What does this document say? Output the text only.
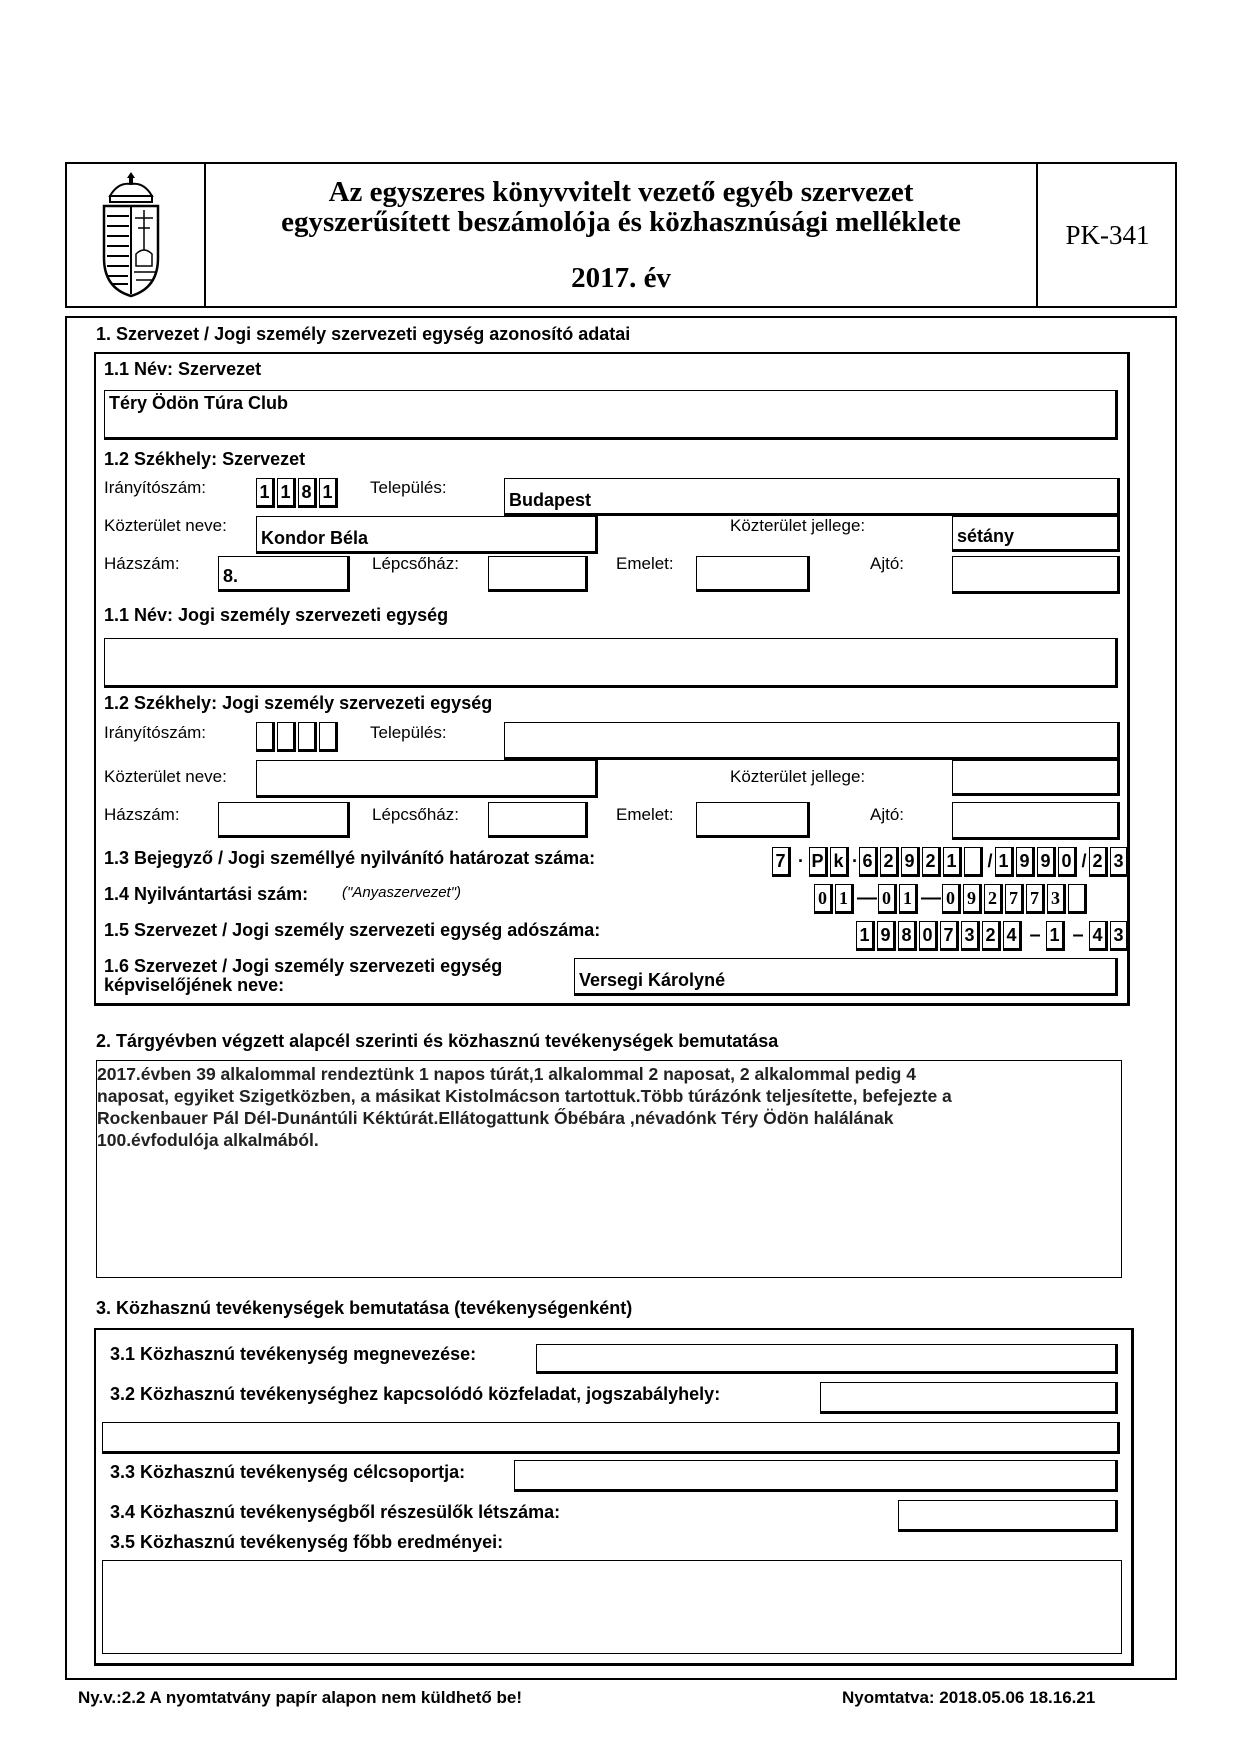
Az egyszeres könyvvitelt vezető egyéb szervezet
egyszerűsített beszámolója és közhasznúsági melléklete
2017. év
PK-341
1. Szervezet / Jogi személy szervezeti egység azonosító adatai
1.1 Név: Szervezet
Téry Ödön Túra Club
1.2 Székhely: Szervezet
Irányítószám:	1 1 8 1	Település:
Budapest
Közterület neve:
Kondor Béla
Közterület jellege:
sétány
Házszám:
8.
Lépcsőház:	Emelet:	Ajtó:
1.1 Név: Jogi személy szervezeti egység
1.2 Székhely: Jogi személy szervezeti egység
Irányítószám:	Település:
Közterület neve:	Közterület jellege:
Házszám:	Lépcsőház:	Emelet:	Ajtó:
1.3 Bejegyző / Jogi személlyé nyilvánító határozat száma:	7 · P k · 6 2 9 2 1	/ 1 9 9 0 / 2 3
1.4 Nyilvántartási szám: ("Anyaszervezet")	0 1 — 0 1 — 0 9 2 7 7 3
1.5 Szervezet / Jogi személy szervezeti egység adószáma:	1 9 8 0 7 3 2 4 – 1 – 4 3
1.6 Szervezet / Jogi személy szervezeti egység
képviselőjének neve:	Versegi Károlyné
2. Tárgyévben végzett alapcél szerinti és közhasznú tevékenységek bemutatása
2017.évben 39 alkalommal rendeztünk 1 napos túrát,1 alkalommal 2 naposat, 2 alkalommal pedig 4
naposat, egyiket Szigetközben, a másikat Kistolmácson tartottuk.Több túrázónk teljesítette, befejezte a
Rockenbauer Pál Dél-Dunántúli Kéktúrát.Ellátogattunk Őbébára ,névadónk Téry Ödön halálának
100.évfodulója alkalmából.
3. Közhasznú tevékenységek bemutatása (tevékenységenként)
3.1 Közhasznú tevékenység megnevezése:
3.2 Közhasznú tevékenységhez kapcsolódó közfeladat, jogszabályhely:
3.3 Közhasznú tevékenység célcsoportja:
3.4 Közhasznú tevékenységből részesülők létszáma:
3.5 Közhasznú tevékenység főbb eredményei:
Ny.v.:2.2 A nyomtatvány papír alapon nem küldhető be!	Nyomtatva: 2018.05.06 18.16.21
